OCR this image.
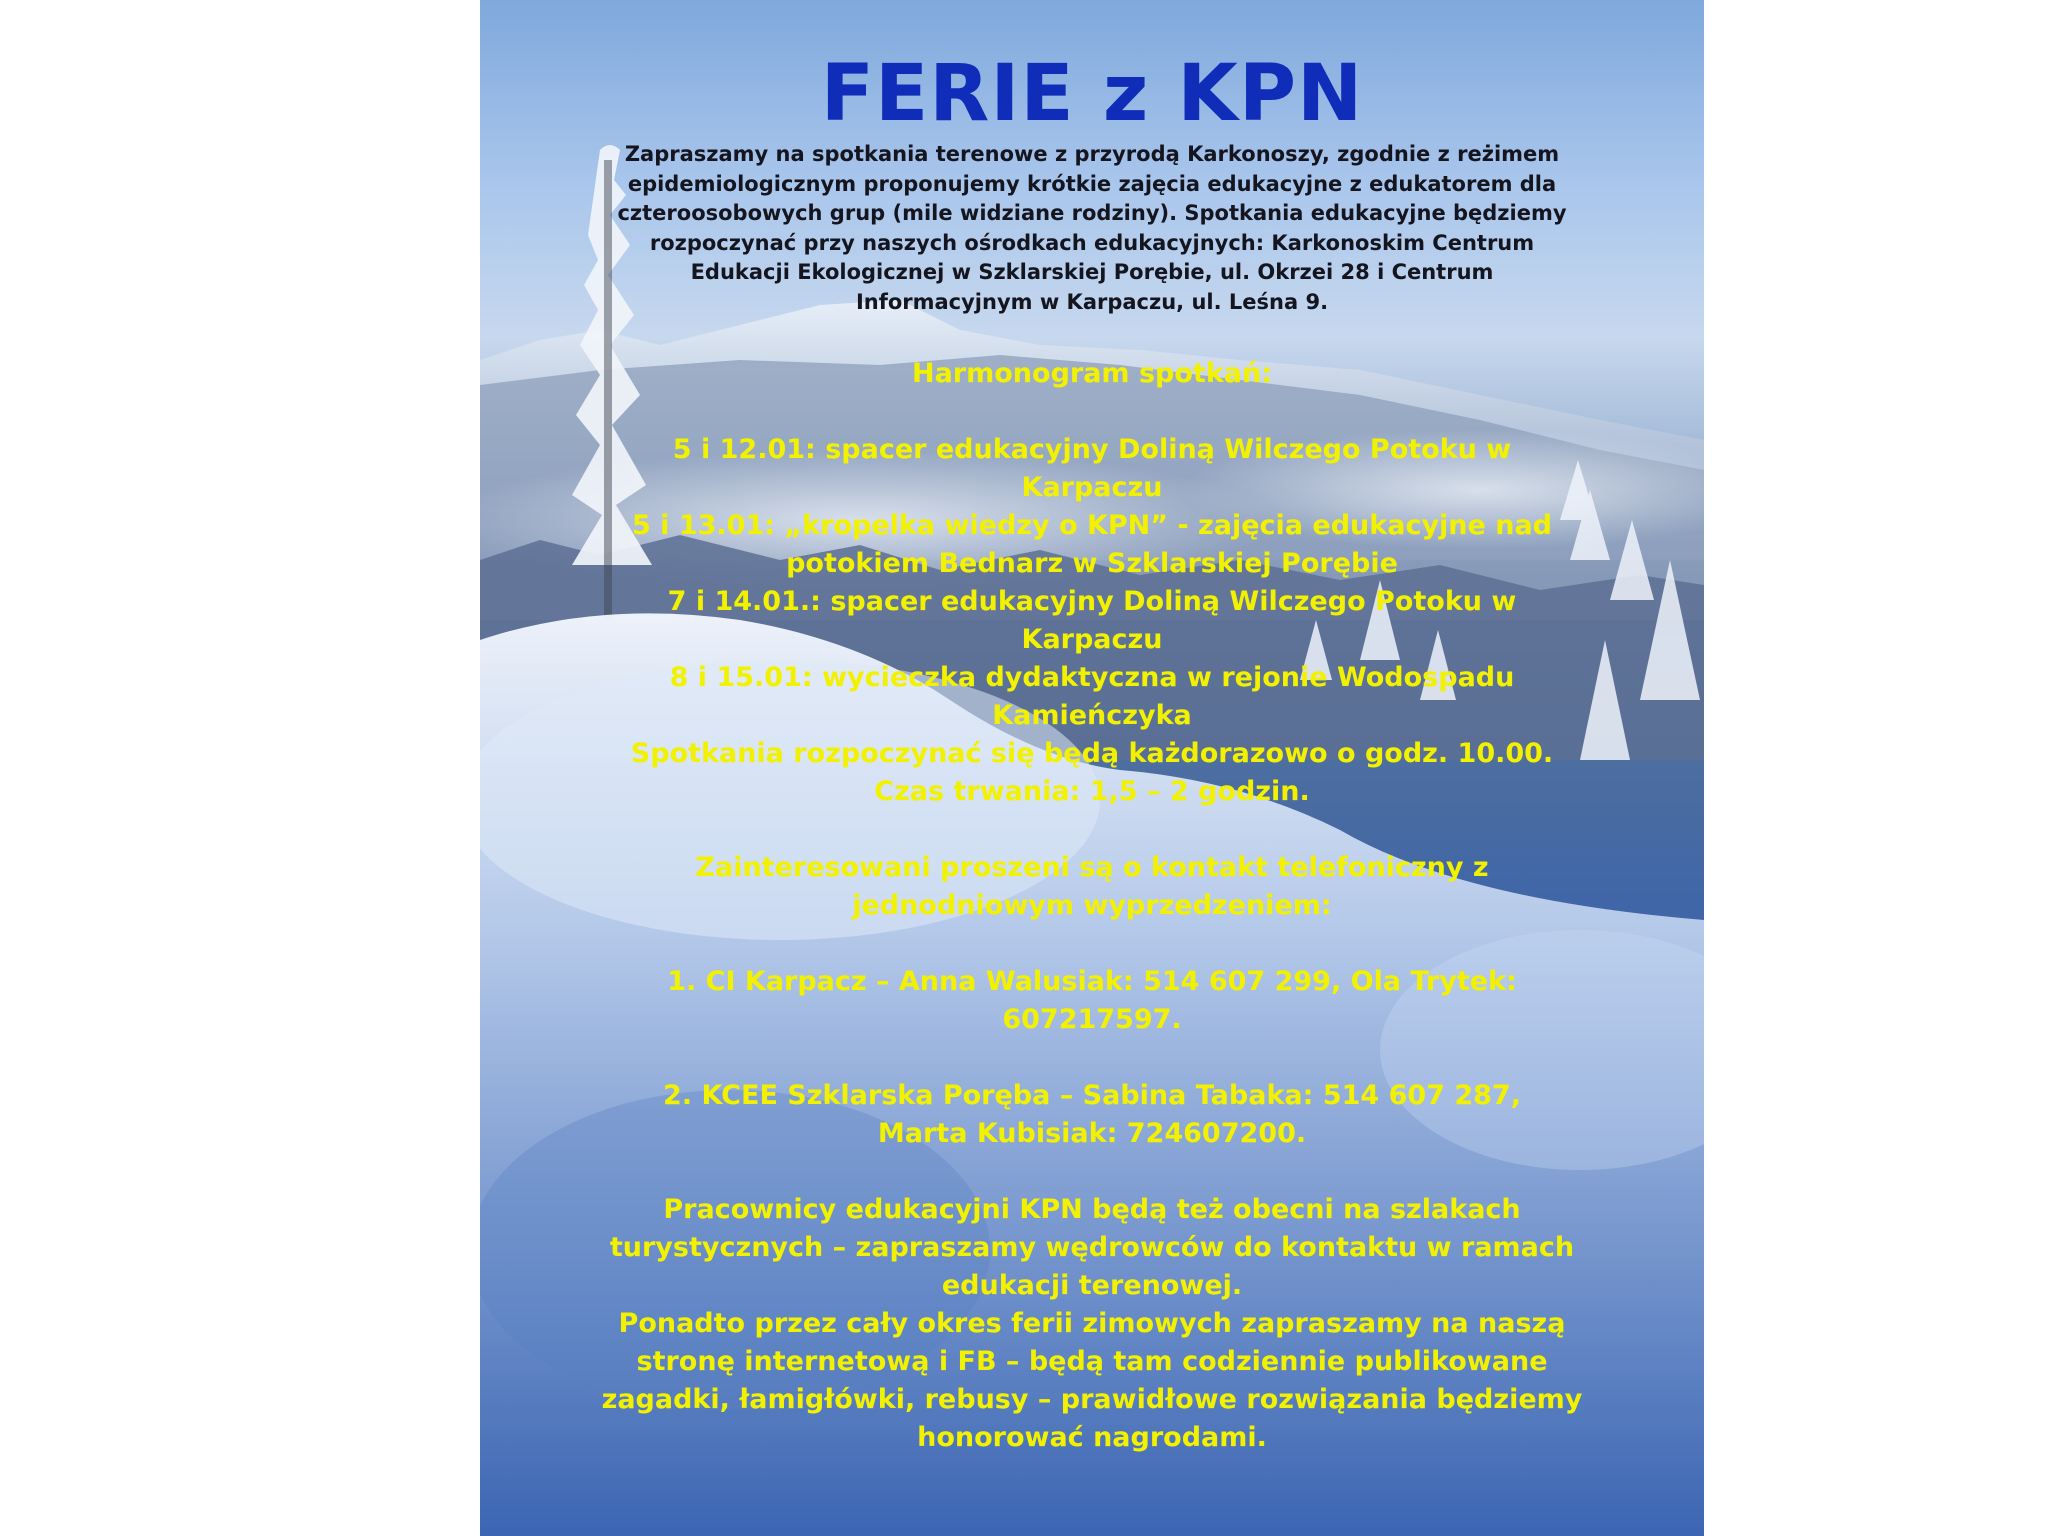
FERIE z KPN
Zapraszamy na spotkania terenowe z przyrodą Karkonoszy, zgodnie z reżimem
epidemiologicznym proponujemy krótkie zajęcia edukacyjne z edukatorem dla
czteroosobowych grup (mile widziane rodziny). Spotkania edukacyjne będziemy
rozpoczynać przy naszych ośrodkach edukacyjnych: Karkonoskim Centrum
Edukacji Ekologicznej w Szklarskiej Porębie, ul. Okrzei 28 i Centrum
Informacyjnym w Karpaczu, ul. Leśna 9.
Harmonogram spotkań:
5 i 12.01: spacer edukacyjny Doliną Wilczego Potoku w
Karpaczu
5 i 13.01: „kropelka wiedzy o KPN” - zajęcia edukacyjne nad
potokiem Bednarz w Szklarskiej Porębie
7 i 14.01.: spacer edukacyjny Doliną Wilczego Potoku w
Karpaczu
8 i 15.01: wycieczka dydaktyczna w rejonie Wodospadu
Kamieńczyka
Spotkania rozpoczynać się będą każdorazowo o godz. 10.00.
Czas trwania: 1,5 – 2 godzin.
Zainteresowani proszeni są o kontakt telefoniczny z
jednodniowym wyprzedzeniem:
1. CI Karpacz – Anna Walusiak: 514 607 299, Ola Trytek:
607217597.
2. KCEE Szklarska Poręba – Sabina Tabaka: 514 607 287,
Marta Kubisiak: 724607200.
Pracownicy edukacyjni KPN będą też obecni na szlakach
turystycznych – zapraszamy wędrowców do kontaktu w ramach
edukacji terenowej.
Ponadto przez cały okres ferii zimowych zapraszamy na naszą
stronę internetową i FB – będą tam codziennie publikowane
zagadki, łamigłówki, rebusy – prawidłowe rozwiązania będziemy
honorować nagrodami.
